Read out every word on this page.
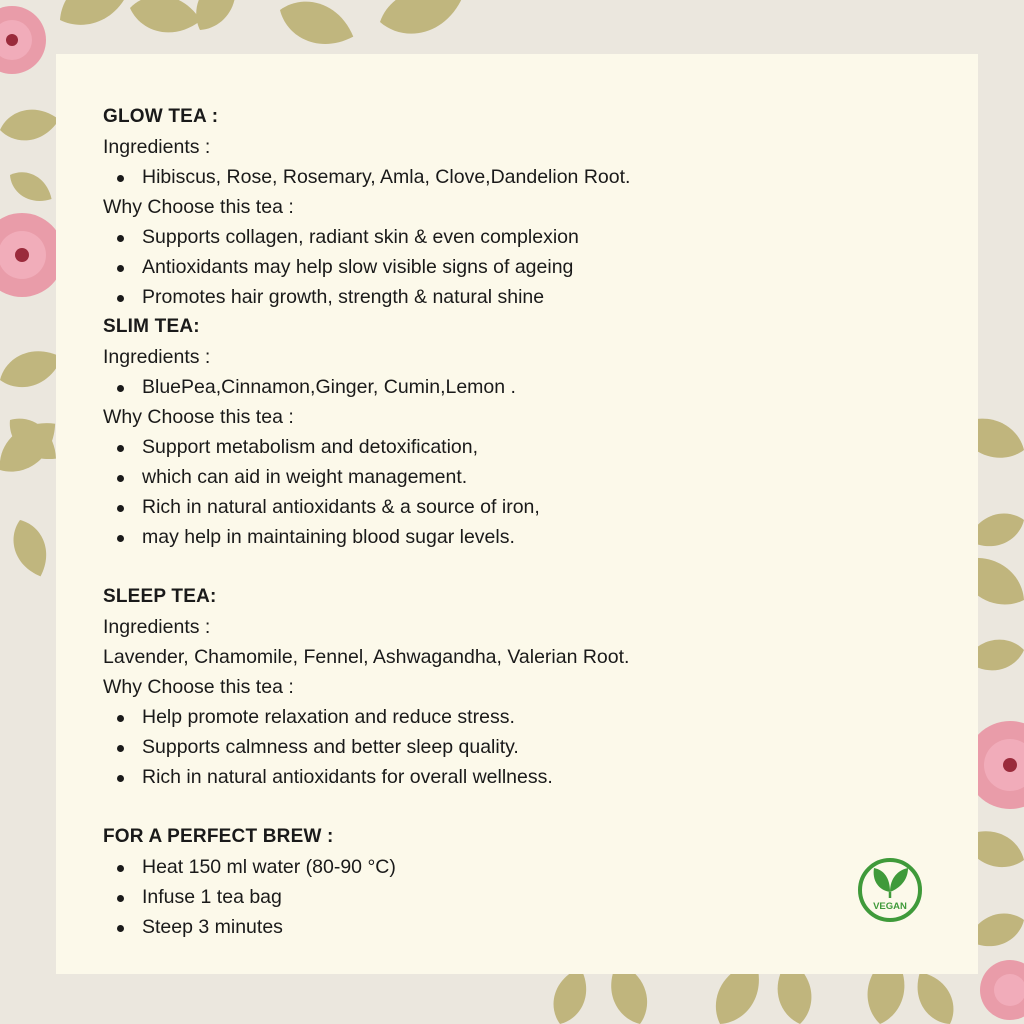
GLOW TEA :
Ingredients :
Hibiscus, Rose, Rosemary, Amla, Clove,Dandelion Root.
Why Choose this tea :
Supports collagen, radiant skin & even complexion
Antioxidants may help slow visible signs of ageing
Promotes hair growth, strength & natural shine
SLIM TEA:
Ingredients :
BluePea,Cinnamon,Ginger, Cumin,Lemon .
Why Choose this tea :
Support metabolism and detoxification,
which can aid in weight management.
Rich in natural antioxidants & a source of iron,
may help in maintaining blood sugar levels.
SLEEP TEA:
Ingredients :
Lavender, Chamomile, Fennel, Ashwagandha, Valerian Root.
Why Choose this tea :
Help promote relaxation and reduce stress.
Supports calmness and better sleep quality.
Rich in natural antioxidants for overall wellness.
FOR A PERFECT BREW :
Heat 150 ml water (80-90 °C)
Infuse 1 tea bag
Steep 3 minutes
VEGAN
